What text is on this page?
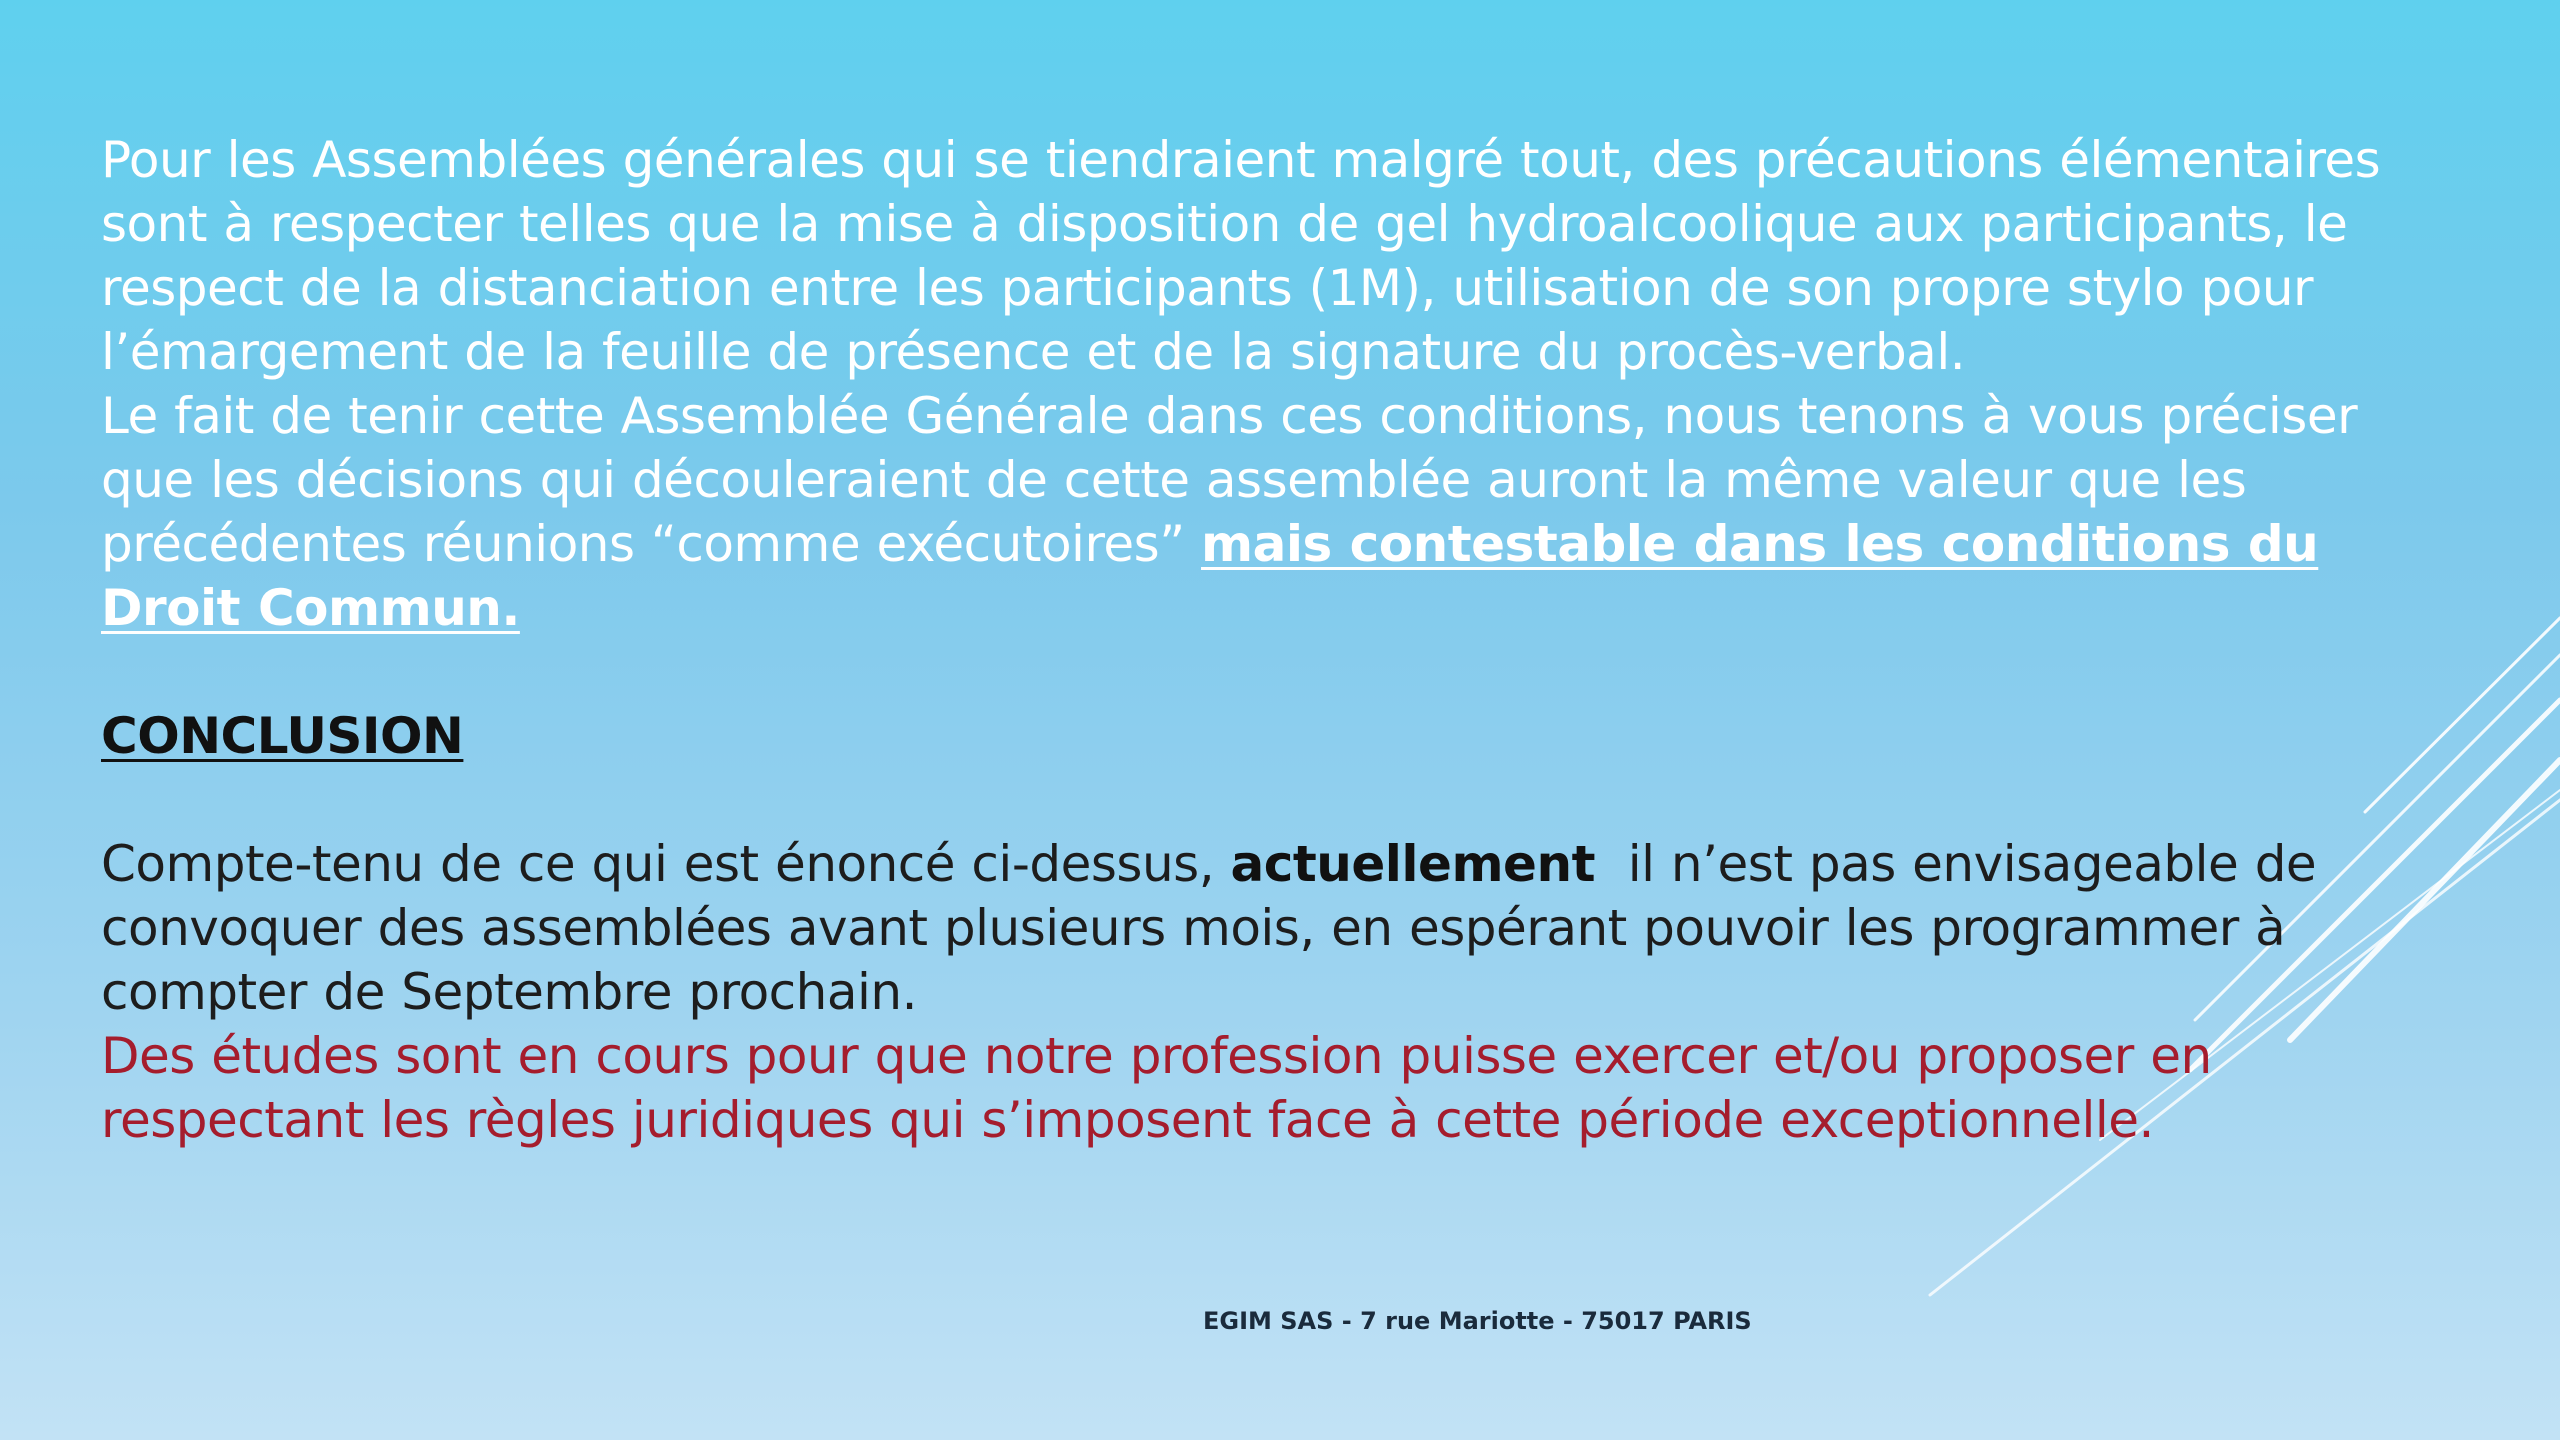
Pour les Assemblées générales qui se tiendraient malgré tout, des précautions élémentaires sont à respecter telles que la mise à disposition de gel hydroalcoolique aux participants, le respect de la distanciation entre les participants (1M), utilisation de son propre stylo pour l’émargement de la feuille de présence et de la signature du procès-verbal.

Le fait de tenir cette Assemblée Générale dans ces conditions, nous tenons à vous préciser que les décisions qui découleraient de cette assemblée auront la même valeur que les précédentes réunions “comme exécutoires” mais contestable dans les conditions du Droit Commun.

CONCLUSION

Compte-tenu de ce qui est énoncé ci-dessus, actuellement  il n’est pas envisageable de convoquer des assemblées avant plusieurs mois, en espérant pouvoir les programmer à compter de Septembre prochain.

Des études sont en cours pour que notre profession puisse exercer et/ou proposer en respectant les règles juridiques qui s’imposent face à cette période exceptionnelle.

EGIM SAS - 7 rue Mariotte - 75017 PARIS
